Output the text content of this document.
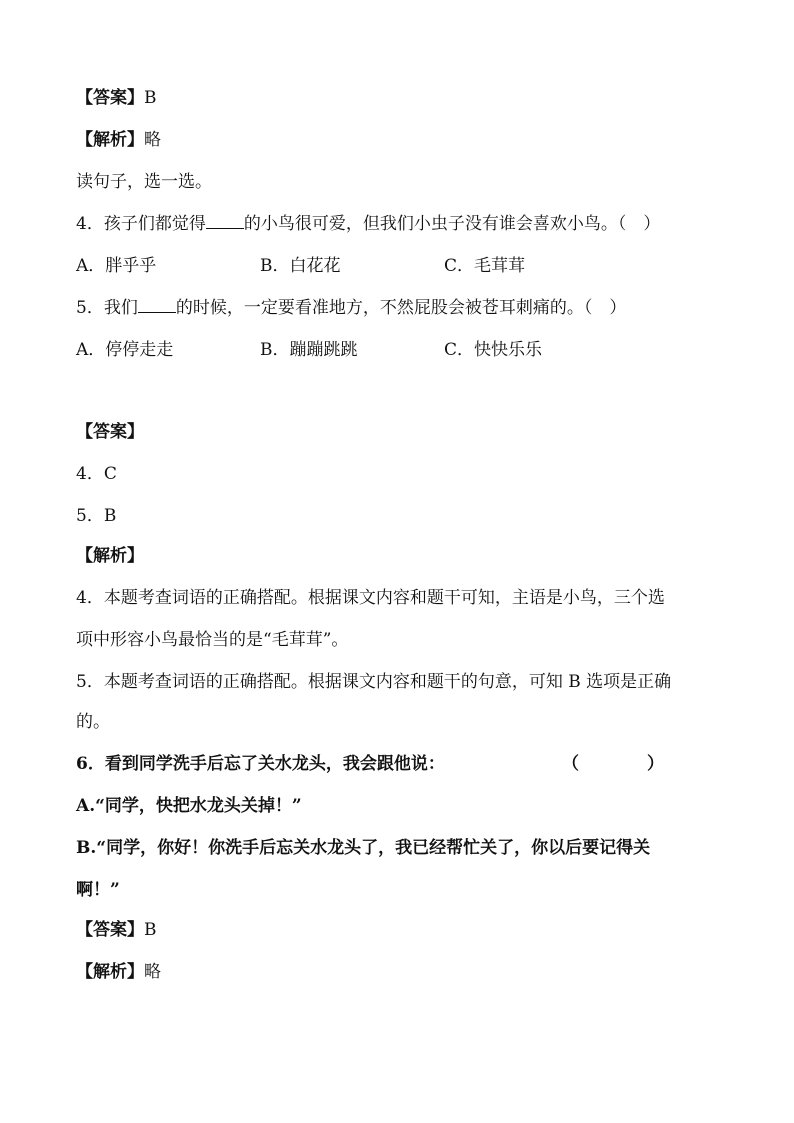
【答案】B
【解析】略
读句子，选一选。
4．孩子们都觉得 的小鸟很可爱，但我们小虫子没有谁会喜欢小鸟。（　）
A．胖乎乎	B．白花花	C．毛茸茸
5．我们 的时候，一定要看准地方，不然屁股会被苍耳刺痛的。（　）
A．停停走走	B．蹦蹦跳跳	C．快快乐乐
【答案】
4．C
5．B
【解析】
4．本题考查词语的正确搭配。根据课文内容和题干可知，主语是小鸟，三个选
项中形容小鸟最恰当的是“毛茸茸”。
5．本题考查词语的正确搭配。根据课文内容和题干的句意，可知 B 选项是正确
的。
6．看到同学洗手后忘了关水龙头，我会跟他说：	（　　　　）
A.“同学，快把水龙头关掉！”
B.“同学，你好！你洗手后忘关水龙头了，我已经帮忙关了，你以后要记得关
啊！”
【答案】B
【解析】略
